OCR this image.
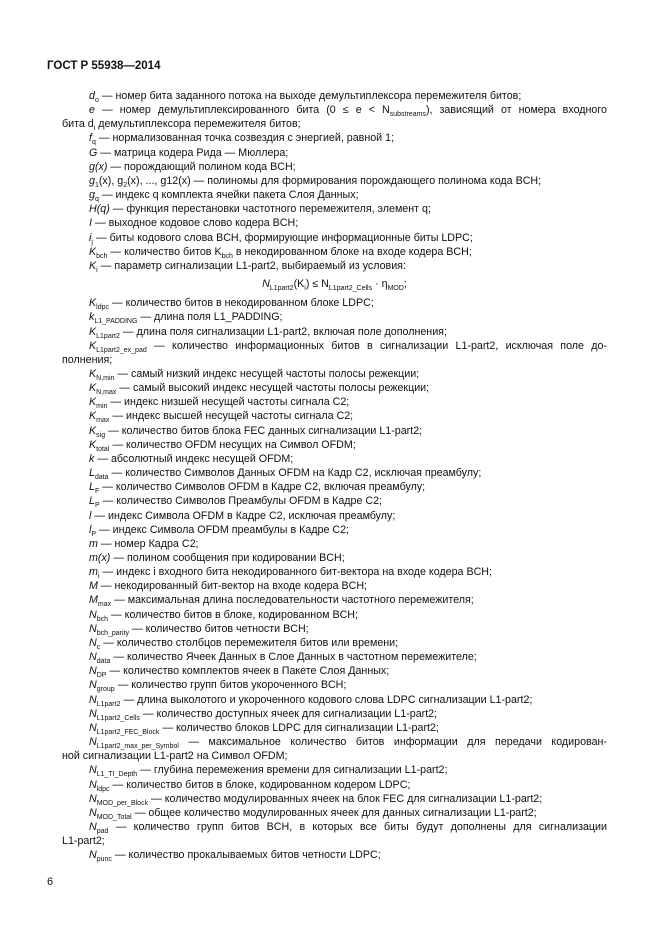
ГОСТ Р 55938—2014
$d_o$ — номер бита заданного потока на выходе демультиплексора перемежителя битов;
e — номер демультиплексированного бита $(0 \le e < N_{substreams})$, зависящий от номера входного
бита $d_i$ демультиплексора перемежителя битов;
$f_q$ — нормализованная точка созвездия с энергией, равной 1;
G — матрица кодера Рида — Мюллера;
g(x) — порождающий полином кода BCH;
$g_1(x)$, $g_2(x)$, ..., g12(x) — полиномы для формирования порождающего полинома кода BCH;
$g_q$ — индекс q комплекта ячейки пакета Слоя Данных;
H(q) — функция перестановки частотного перемежителя, элемент q;
I — выходное кодовое слово кодера BCH;
$i_j$ — биты кодового слова BCH, формирующие информационные биты LDPC;
$K_{bch}$ — количество битов $K_{bch}$ в некодированном блоке на входе кодера BCH;
$K_i$ — параметр сигнализации L1-part2, выбираемый из условия:
$N_{L1part2}(K_i) \le N_{L1part2\_Cells} \cdot \eta_{MOD}$;
$K_{ldpc}$ — количество битов в некодированном блоке LDPC;
$k_{L1\_PADDING}$ — длина поля L1_PADDING;
$K_{L1part2}$ — длина поля сигнализации L1-part2, включая поле дополнения;
$K_{L1part2\_ex\_pad}$ — количество информационных битов в сигнализации L1-part2, исключая поле до-
полнения;
$K_{N,min}$ — самый низкий индекс несущей частоты полосы режекции;
$K_{N,max}$ — самый высокий индекс несущей частоты полосы режекции;
$K_{min}$ — индекс низшей несущей частоты сигнала C2;
$K_{max}$ — индекс высшей несущей частоты сигнала C2;
$K_{sig}$ — количество битов блока FEC данных сигнализации L1-part2;
$K_{total}$ — количество OFDM несущих на Символ OFDM;
k — абсолютный индекс несущей OFDM;
$L_{data}$ — количество Символов Данных OFDM на Кадр C2, исключая преамбулу;
$L_F$ — количество Символов OFDM в Кадре C2, включая преамбулу;
$L_P$ — количество Символов Преамбулы OFDM в Кадре C2;
l — индекс Символа OFDM в Кадре C2, исключая преамбулу;
$l_P$ — индекс Символа OFDM преамбулы в Кадре C2;
m — номер Кадра C2;
m(x) — полином сообщения при кодировании BCH;
$m_i$ — индекс i входного бита некодированного бит-вектора на входе кодера BCH;
M — некодированный бит-вектор на входе кодера BCH;
$M_{max}$ — максимальная длина последовательности частотного перемежителя;
$N_{bch}$ — количество битов в блоке, кодированном BCH;
$N_{bch\_parity}$ — количество битов четности BCH;
$N_c$ — количество столбцов перемежителя битов или времени;
$N_{data}$ — количество Ячеек Данных в Слое Данных в частотном перемежителе;
$N_{DP}$ — количество комплектов ячеек в Пакете Слоя Данных;
$N_{group}$ — количество групп битов укороченного BCH;
$N_{L1part2}$ — длина выколотого и укороченного кодового слова LDPC сигнализации L1-part2;
$N_{L1part2\_Cells}$ — количество доступных ячеек для сигнализации L1-part2;
$N_{L1part2\_FEC\_Block}$ — количество блоков LDPC для сигнализации L1-part2;
$N_{L1part2\_max\_per\_Symbol}$ — максимальное количество битов информации для передачи кодирован-
ной сигнализации L1-part2 на Символ OFDM;
$N_{L1\_TI\_Depth}$ — глубина перемежения времени для сигнализации L1-part2;
$N_{ldpc}$ — количество битов в блоке, кодированном кодером LDPC;
$N_{MOD\_per\_Block}$ — количество модулированных ячеек на блок FEC для сигнализации L1-part2;
$N_{MOD\_Total}$ — общее количество модулированных ячеек для данных сигнализации L1-part2;
$N_{pad}$ — количество групп битов BCH, в которых все биты будут дополнены для сигнализации
L1-part2;
$N_{punc}$ — количество прокалываемых битов четности LDPC;
6
